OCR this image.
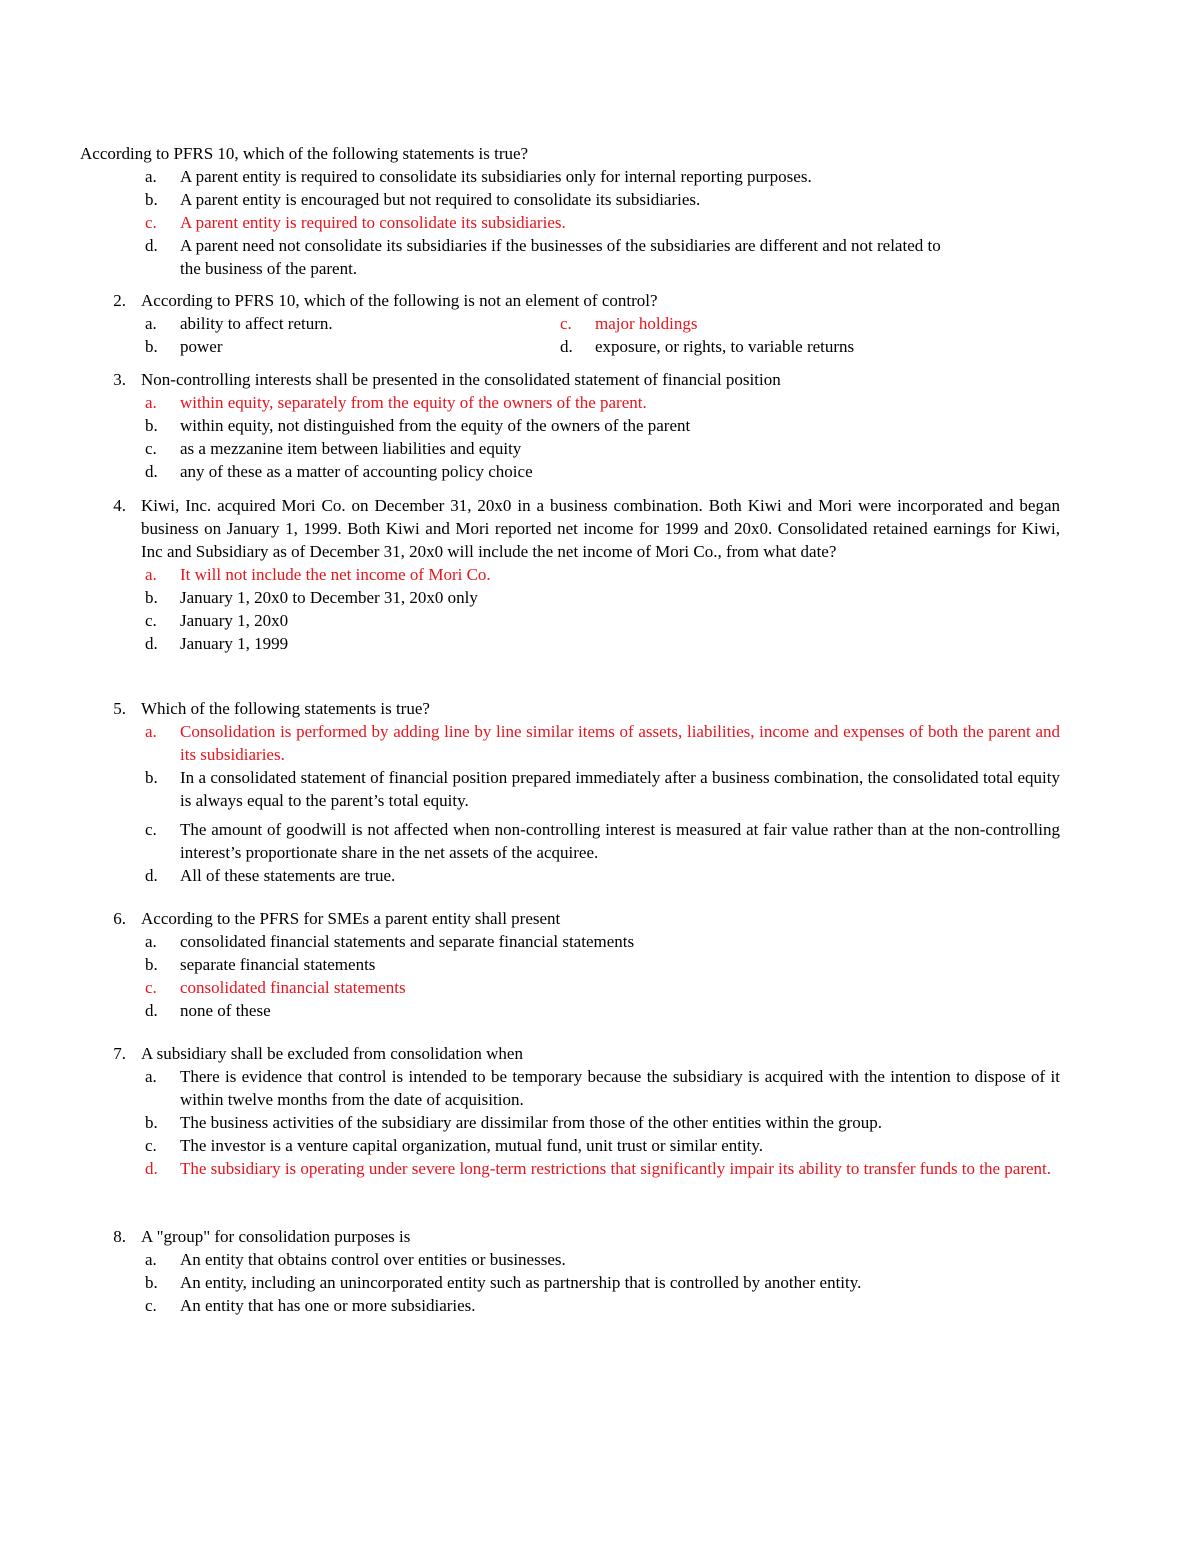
According to PFRS 10, which of the following statements is true?
a. A parent entity is required to consolidate its subsidiaries only for internal reporting purposes.
b. A parent entity is encouraged but not required to consolidate its subsidiaries.
c. A parent entity is required to consolidate its subsidiaries.
d. A parent need not consolidate its subsidiaries if the businesses of the subsidiaries are different and not related to the business of the parent.
2. According to PFRS 10, which of the following is not an element of control?
a. ability to affect return.
b. power
c. major holdings
d. exposure, or rights, to variable returns
3. Non-controlling interests shall be presented in the consolidated statement of financial position
a. within equity, separately from the equity of the owners of the parent.
b. within equity, not distinguished from the equity of the owners of the parent
c. as a mezzanine item between liabilities and equity
d. any of these as a matter of accounting policy choice
4. Kiwi, Inc. acquired Mori Co. on December 31, 20x0 in a business combination. Both Kiwi and Mori were incorporated and began business on January 1, 1999. Both Kiwi and Mori reported net income for 1999 and 20x0. Consolidated retained earnings for Kiwi, Inc and Subsidiary as of December 31, 20x0 will include the net income of Mori Co., from what date?
a. It will not include the net income of Mori Co.
b. January 1, 20x0 to December 31, 20x0 only
c. January 1, 20x0
d. January 1, 1999
5. Which of the following statements is true?
a. Consolidation is performed by adding line by line similar items of assets, liabilities, income and expenses of both the parent and its subsidiaries.
b. In a consolidated statement of financial position prepared immediately after a business combination, the consolidated total equity is always equal to the parent’s total equity.
c. The amount of goodwill is not affected when non-controlling interest is measured at fair value rather than at the non-controlling interest’s proportionate share in the net assets of the acquiree.
d. All of these statements are true.
6. According to the PFRS for SMEs a parent entity shall present
a. consolidated financial statements and separate financial statements
b. separate financial statements
c. consolidated financial statements
d. none of these
7. A subsidiary shall be excluded from consolidation when
a. There is evidence that control is intended to be temporary because the subsidiary is acquired with the intention to dispose of it within twelve months from the date of acquisition.
b. The business activities of the subsidiary are dissimilar from those of the other entities within the group.
c. The investor is a venture capital organization, mutual fund, unit trust or similar entity.
d. The subsidiary is operating under severe long-term restrictions that significantly impair its ability to transfer funds to the parent.
8. A "group" for consolidation purposes is
a. An entity that obtains control over entities or businesses.
b. An entity, including an unincorporated entity such as partnership that is controlled by another entity.
c. An entity that has one or more subsidiaries.
